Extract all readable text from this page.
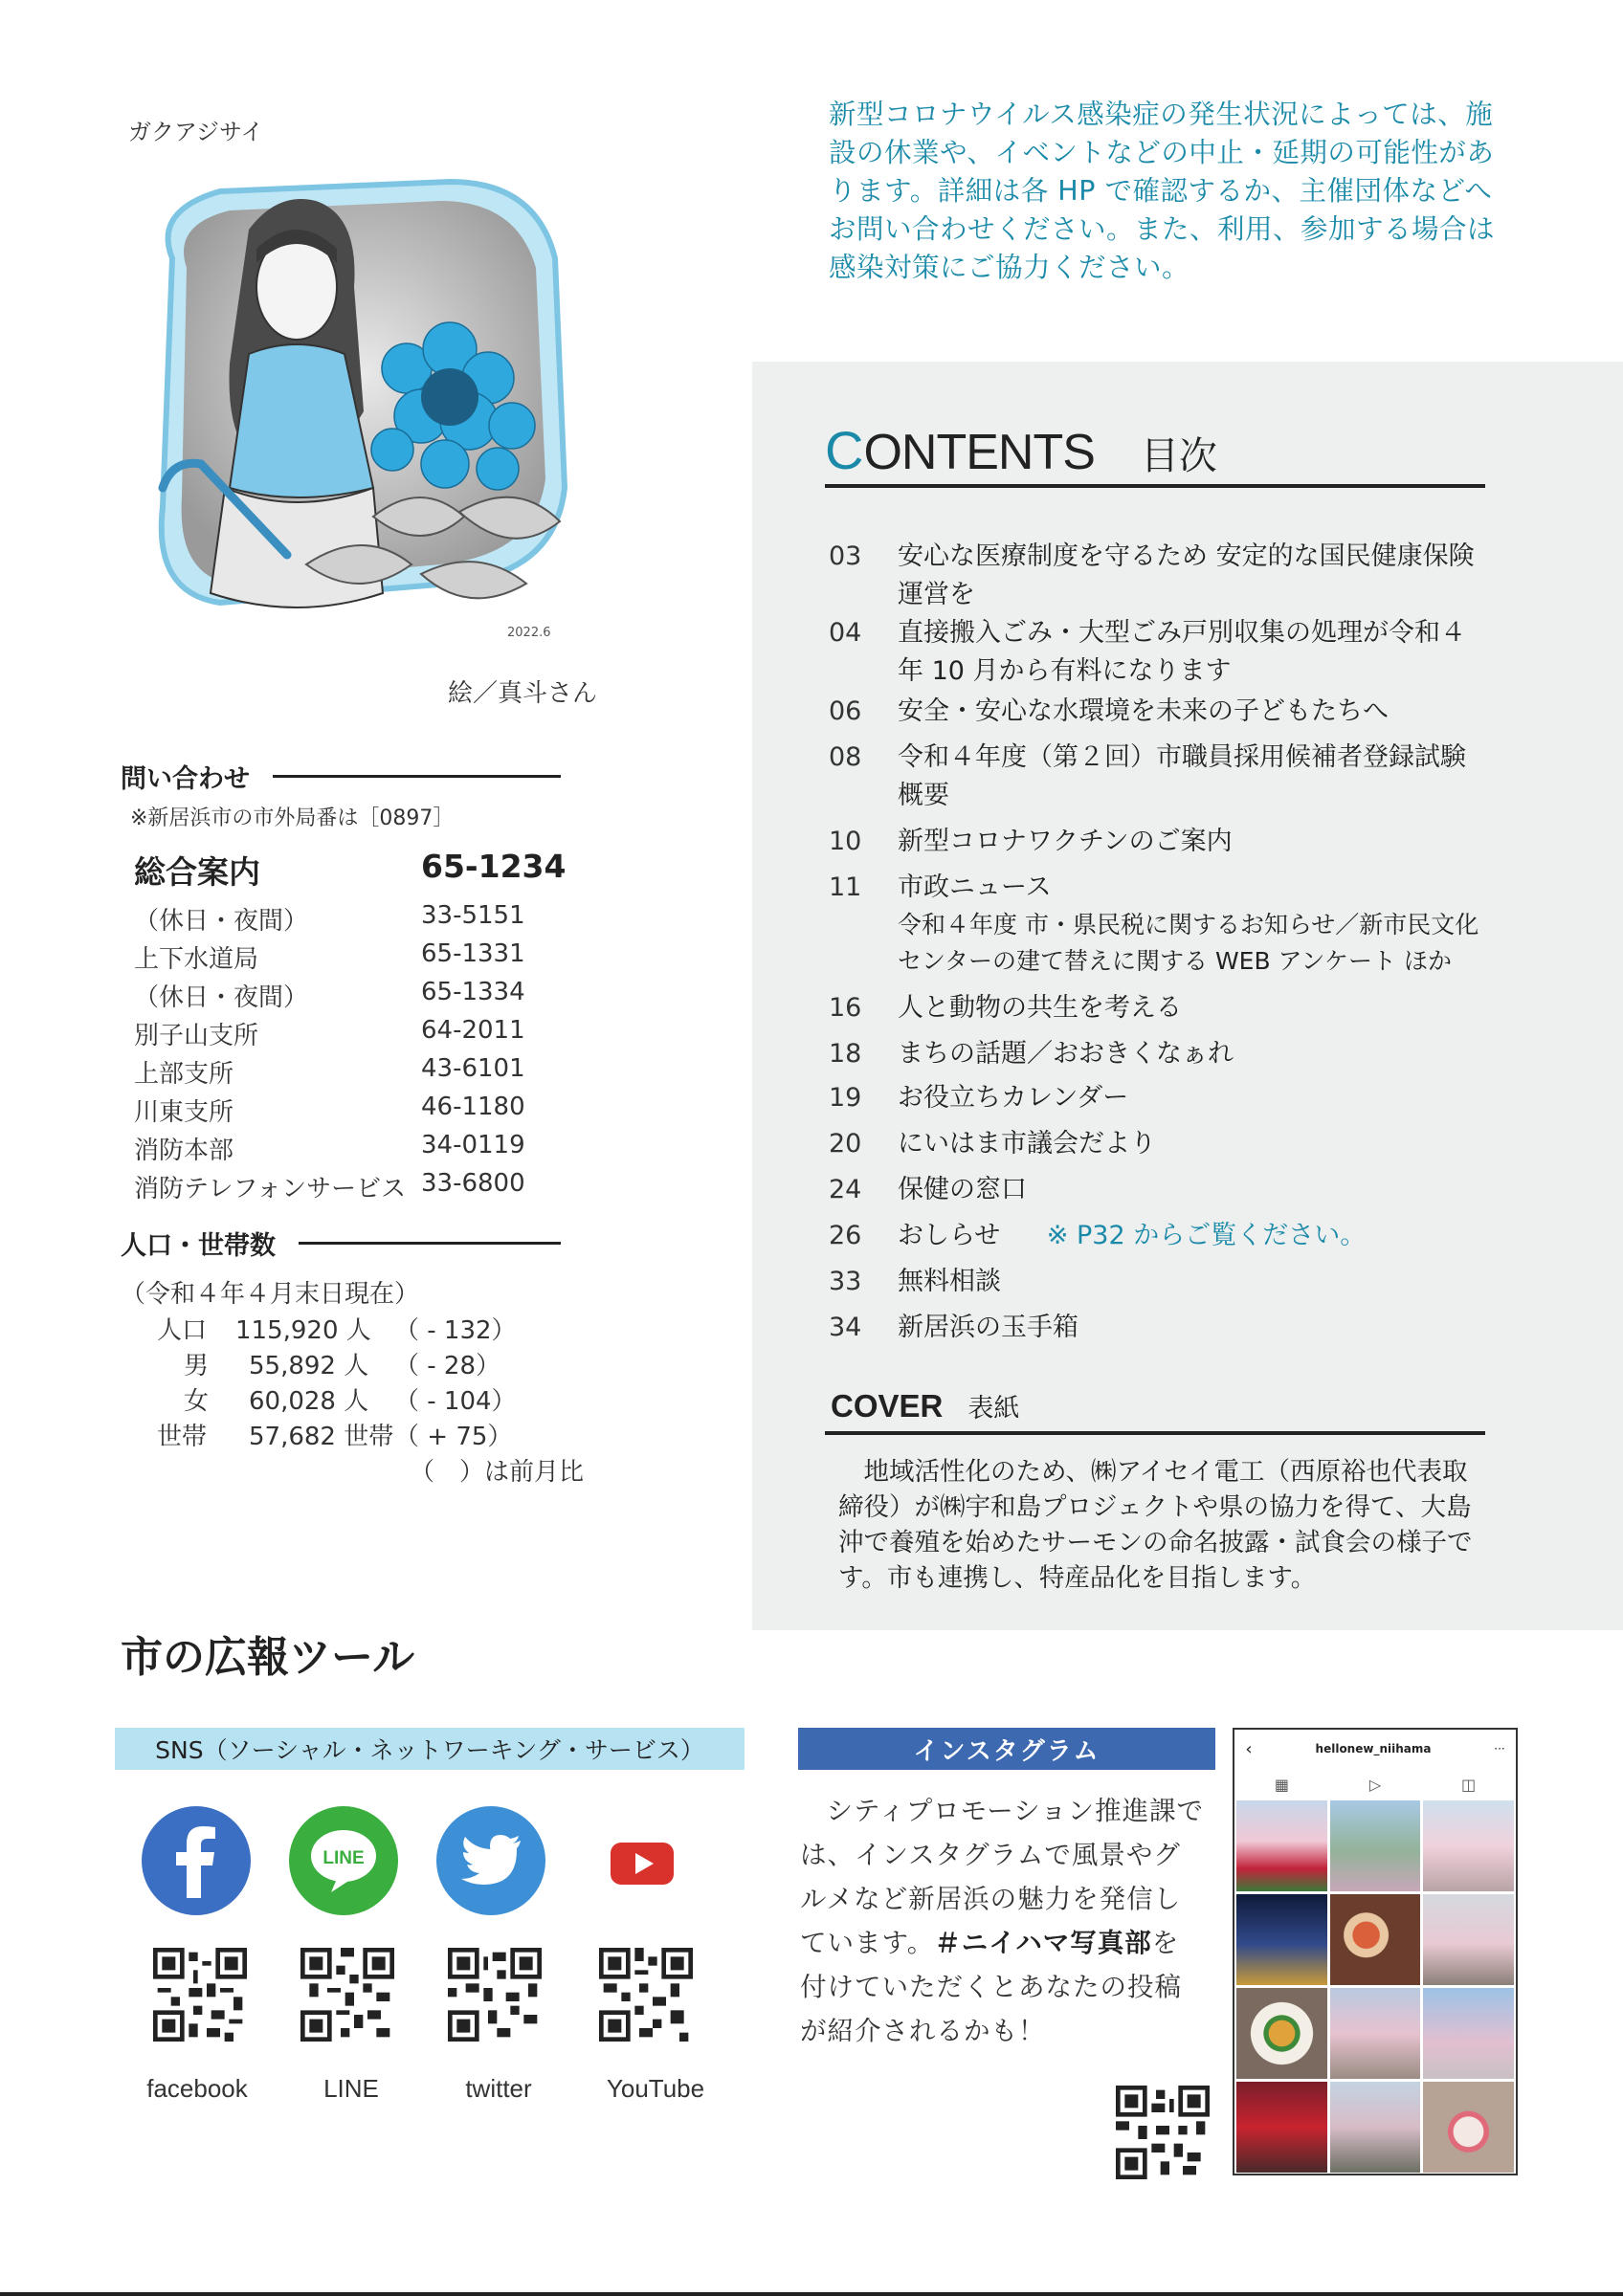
ガクアジサイ
2022.6
絵／真斗さん
問い合わせ
※新居浜市の市外局番は［0897］
総合案内	65-1234
（休日・夜間）	33-5151
上下水道局	65-1331
（休日・夜間）	65-1334
別子山支所	64-2011
上部支所	43-6101
川東支所	46-1180
消防本部	34-0119
消防テレフォンサービス 33-6800
人口・世帯数
（令和４年４月末日現在）
人口 115,920 人 （ - 132）
男 55,892 人 （ - 28）
女 60,028 人 （ - 104）
世帯 57,682 世帯 （ + 75）
（　）は前月比
新型コロナウイルス感染症の発生状況によっては、施設の休業や、イベントなどの中止・延期の可能性があります。詳細は各 HP で確認するか、主催団体などへお問い合わせください。また、利用、参加する場合は感染対策にご協力ください。
C ONTENTS 目次
03	安心な医療制度を守るため 安定的な国民健康保険運営を
04	直接搬入ごみ・大型ごみ戸別収集の処理が令和４年 10 月から有料になります
06	安全・安心な水環境を未来の子どもたちへ
08	令和４年度（第２回）市職員採用候補者登録試験概要
10	新型コロナワクチンのご案内
11	市政ニュース
令和４年度 市・県民税に関するお知らせ／新市民文化センターの建て替えに関する WEB アンケート ほか
16	人と動物の共生を考える
18	まちの話題／おおきくなぁれ
19	お役立ちカレンダー
20	にいはま市議会だより
24	保健の窓口
26	おしらせ ※ P32 からご覧ください。
33	無料相談
34	新居浜の玉手箱
COVER 表紙
地域活性化のため、㈱アイセイ電工（西原裕也代表取締役）が㈱宇和島プロジェクトや県の協力を得て、大島沖で養殖を始めたサーモンの命名披露・試食会の様子です。市も連携し、特産品化を目指します。
市の広報ツール
SNS（ソーシャル・ネットワーキング・サービス）
LINE
facebook	LINE	twitter	YouTube
インスタグラム
シティプロモーション推進課では、インスタグラムで風景やグルメなど新居浜の魅力を発信しています。＃ニイハマ写真部を付けていただくとあなたの投稿が紹介されるかも！
‹	hellonew_niihama	···
▦	▷	◫
